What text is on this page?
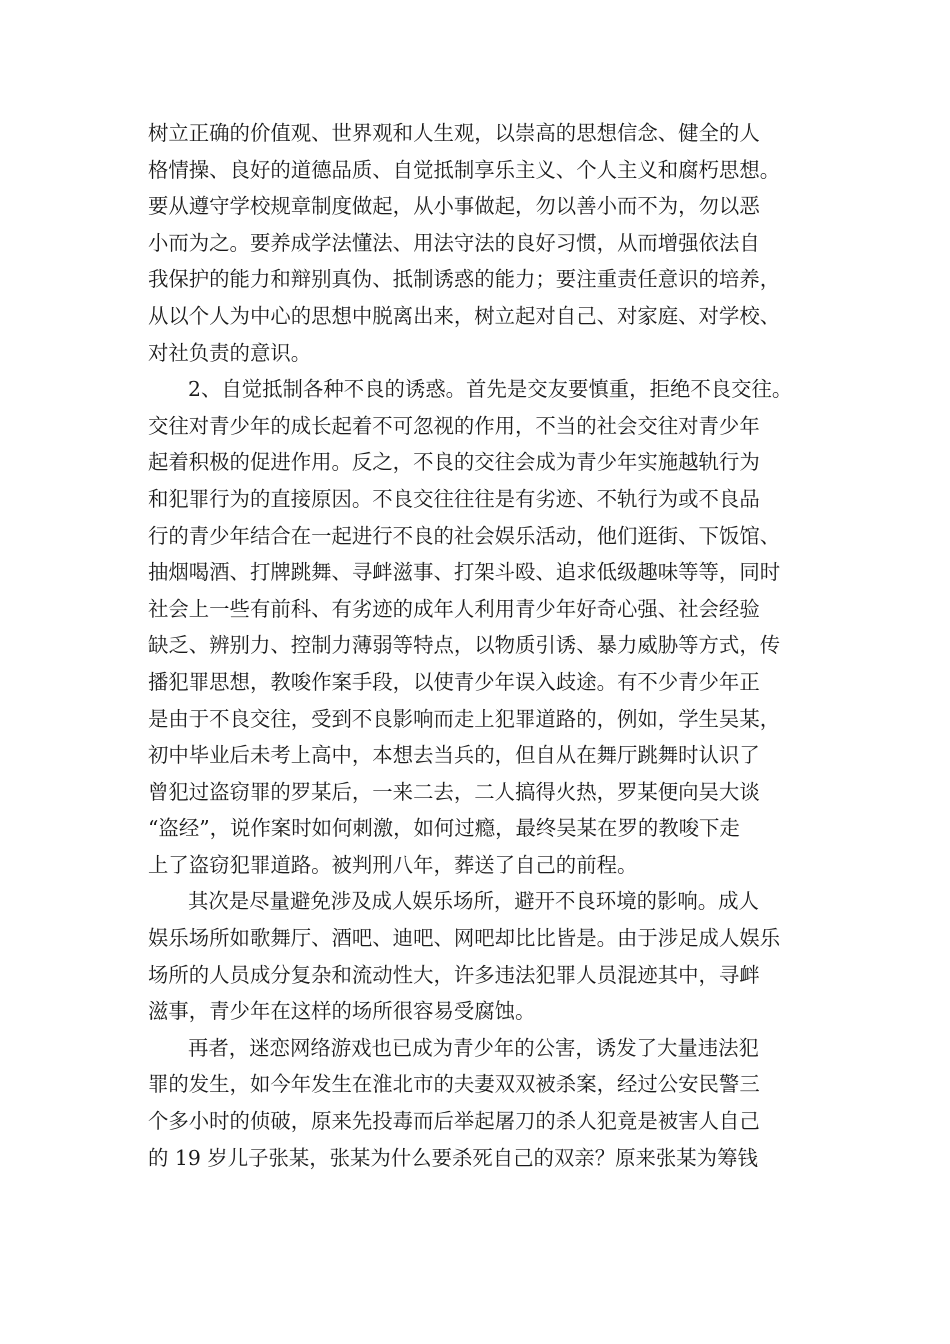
树立正确的价值观、世界观和人生观，以崇高的思想信念、健全的人
格情操、良好的道德品质、自觉抵制享乐主义、个人主义和腐朽思想。
要从遵守学校规章制度做起，从小事做起，勿以善小而不为，勿以恶
小而为之。要养成学法懂法、用法守法的良好习惯，从而增强依法自
我保护的能力和辩别真伪、抵制诱惑的能力；要注重责任意识的培养，
从以个人为中心的思想中脱离出来，树立起对自己、对家庭、对学校、
对社负责的意识。
2、自觉抵制各种不良的诱惑。首先是交友要慎重，拒绝不良交往。
交往对青少年的成长起着不可忽视的作用，不当的社会交往对青少年
起着积极的促进作用。反之，不良的交往会成为青少年实施越轨行为
和犯罪行为的直接原因。不良交往往往是有劣迹、不轨行为或不良品
行的青少年结合在一起进行不良的社会娱乐活动，他们逛街、下饭馆、
抽烟喝酒、打牌跳舞、寻衅滋事、打架斗殴、追求低级趣味等等，同时
社会上一些有前科、有劣迹的成年人利用青少年好奇心强、社会经验
缺乏、辨别力、控制力薄弱等特点，以物质引诱、暴力威胁等方式，传
播犯罪思想，教唆作案手段，以使青少年误入歧途。有不少青少年正
是由于不良交往，受到不良影响而走上犯罪道路的，例如，学生吴某，
初中毕业后未考上高中，本想去当兵的，但自从在舞厅跳舞时认识了
曾犯过盗窃罪的罗某后，一来二去，二人搞得火热，罗某便向吴大谈
“盗经”，说作案时如何刺激，如何过瘾，最终吴某在罗的教唆下走
上了盗窃犯罪道路。被判刑八年，葬送了自己的前程。
其次是尽量避免涉及成人娱乐场所，避开不良环境的影响。成人
娱乐场所如歌舞厅、酒吧、迪吧、网吧却比比皆是。由于涉足成人娱乐
场所的人员成分复杂和流动性大，许多违法犯罪人员混迹其中，寻衅
滋事，青少年在这样的场所很容易受腐蚀。
再者，迷恋网络游戏也已成为青少年的公害，诱发了大量违法犯
罪的发生，如今年发生在淮北市的夫妻双双被杀案，经过公安民警三
个多小时的侦破，原来先投毒而后举起屠刀的杀人犯竟是被害人自己
的 19 岁儿子张某，张某为什么要杀死自己的双亲？原来张某为筹钱
